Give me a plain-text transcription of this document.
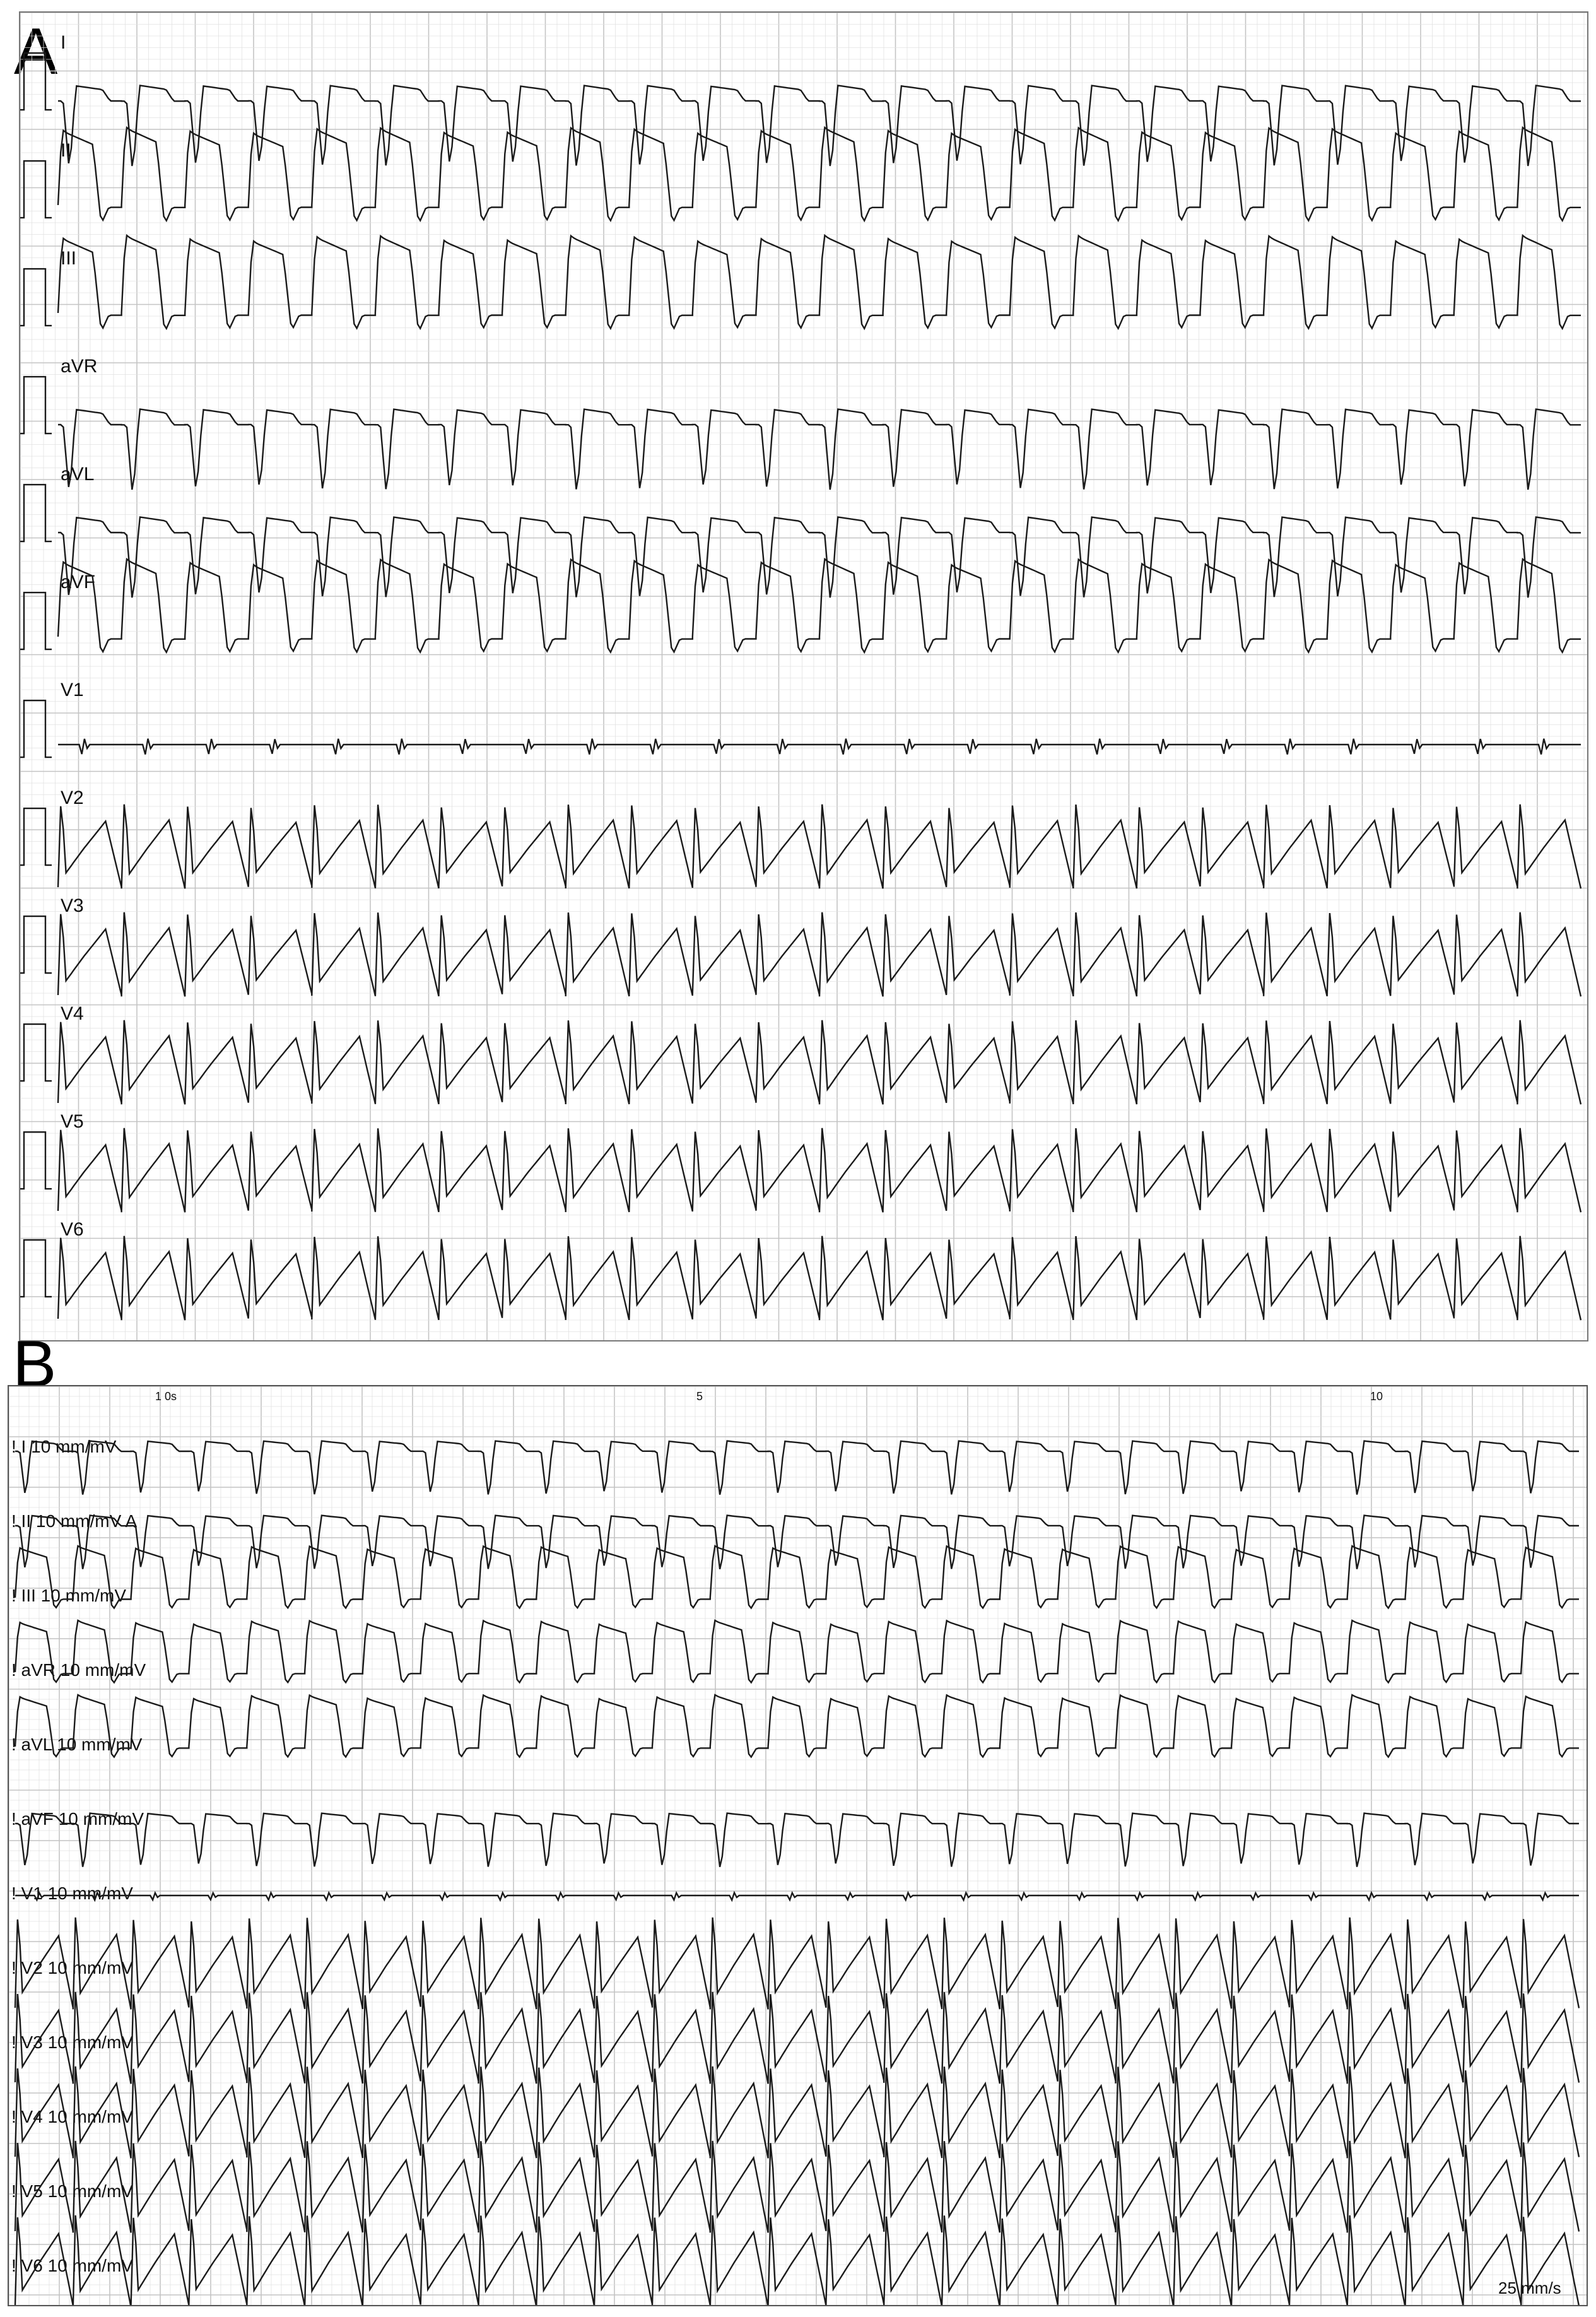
A I
II
III
aVR
aVL
aVF
V1
V2
V3
V4
V5
V6
B	1 0s	5	10
! I 10 mm/mV
! II 10 mm/mV A
! III 10 mm/mV
! aVR 10 mm/mV
! aVL 10 mm/mV
! aVF 10 mm/mV
! V1 10 mm/mV
! V2 10 mm/mV
! V3 10 mm/mV
! V4 10 mm/mV
! V5 10 mm/mV
! V6 10 mm/mV
25 mm/s
